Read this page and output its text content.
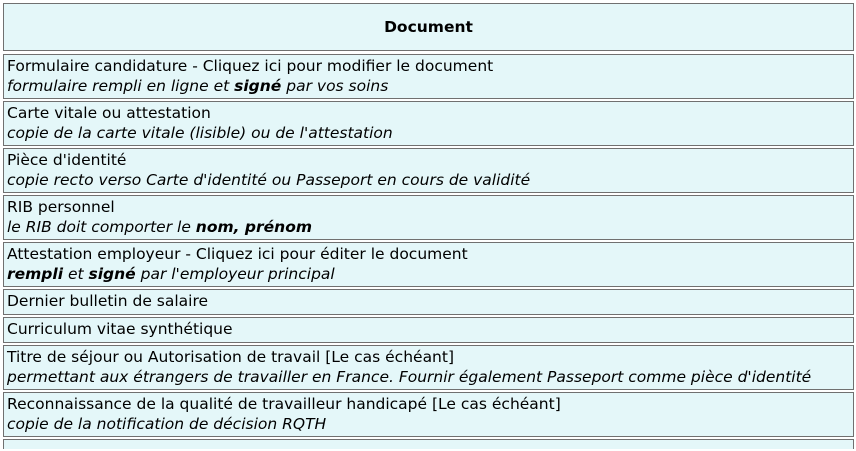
Document
Formulaire candidature - Cliquez ici pour modifier le document
formulaire rempli en ligne et signé par vos soins
Carte vitale ou attestation
copie de la carte vitale (lisible) ou de l'attestation
Pièce d'identité
copie recto verso Carte d'identité ou Passeport en cours de validité
RIB personnel
le RIB doit comporter le nom, prénom
Attestation employeur - Cliquez ici pour éditer le document
rempli et signé par l'employeur principal
Dernier bulletin de salaire
Curriculum vitae synthétique
Titre de séjour ou Autorisation de travail [Le cas échéant]
permettant aux étrangers de travailler en France. Fournir également Passeport comme pièce d'identité
Reconnaissance de la qualité de travailleur handicapé [Le cas échéant]
copie de la notification de décision RQTH
